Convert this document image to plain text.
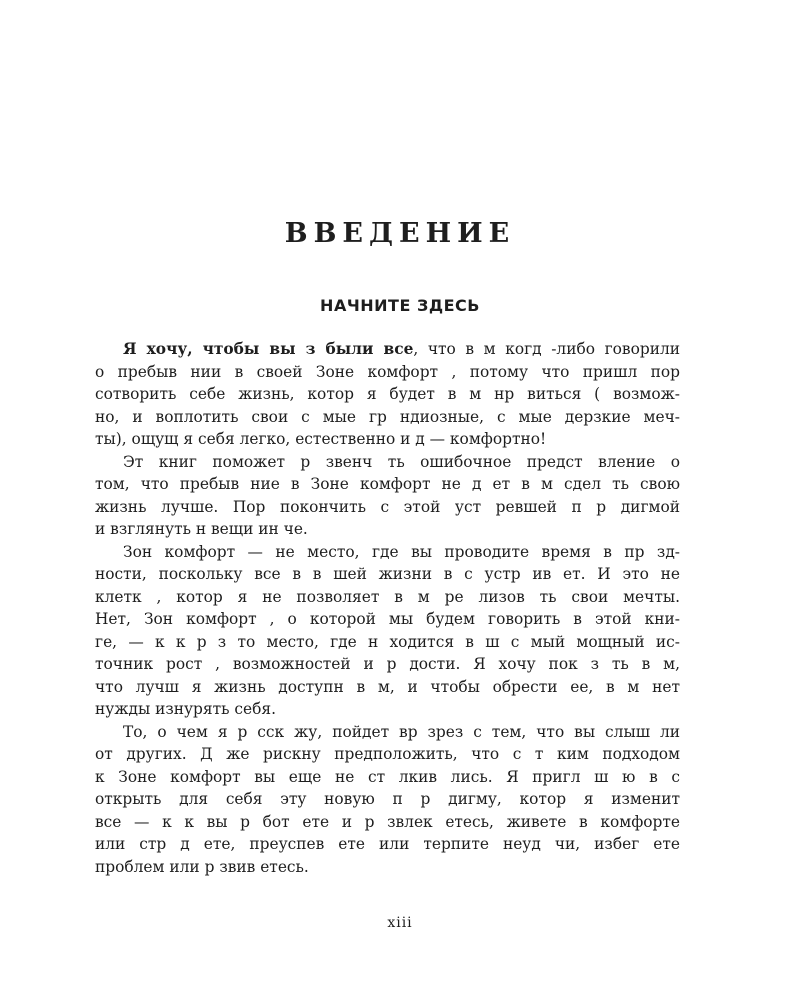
ВВЕДЕНИЕ
НАЧНИТЕ ЗДЕСЬ
Я хочу, чтобы вы з были все, что в м когд -либо говорили
о пребыв нии в своей Зоне комфорт , потому что пришл пор
сотворить себе жизнь, котор я будет в м нр виться ( возмож-
но, и воплотить свои с мые гр ндиозные, с мые дерзкие меч-
ты), ощущ я себя легко, естественно и д — комфортно!
Эт книг поможет р звенч ть ошибочное предст вление о
том, что пребыв ние в Зоне комфорт не д ет в м сдел ть свою
жизнь лучше. Пор покончить с этой уст ревшей п р дигмой
и взглянуть н вещи ин че.
Зон комфорт — не место, где вы проводите время в пр зд-
ности, поскольку все в в шей жизни в с устр ив ет. И это не
клетк , котор я не позволяет в м ре лизов ть свои мечты.
Нет, Зон комфорт , о которой мы будем говорить в этой кни-
ге, — к к р з то место, где н ходится в ш с мый мощный ис-
точник рост , возможностей и р дости. Я хочу пок з ть в м,
что лучш я жизнь доступн в м, и чтобы обрести ее, в м нет
нужды изнурять себя.
То, о чем я р сск жу, пойдет вр зрез с тем, что вы слыш ли
от других. Д же рискну предположить, что с т ким подходом
к Зоне комфорт вы еще не ст лкив лись. Я пригл ш ю в с
открыть для себя эту новую п р дигму, котор я изменит
все — к к вы р бот ете и р звлек етесь, живете в комфорте
или стр д ете, преуспев ете или терпите неуд чи, избег ете
проблем или р звив етесь.

xiii
